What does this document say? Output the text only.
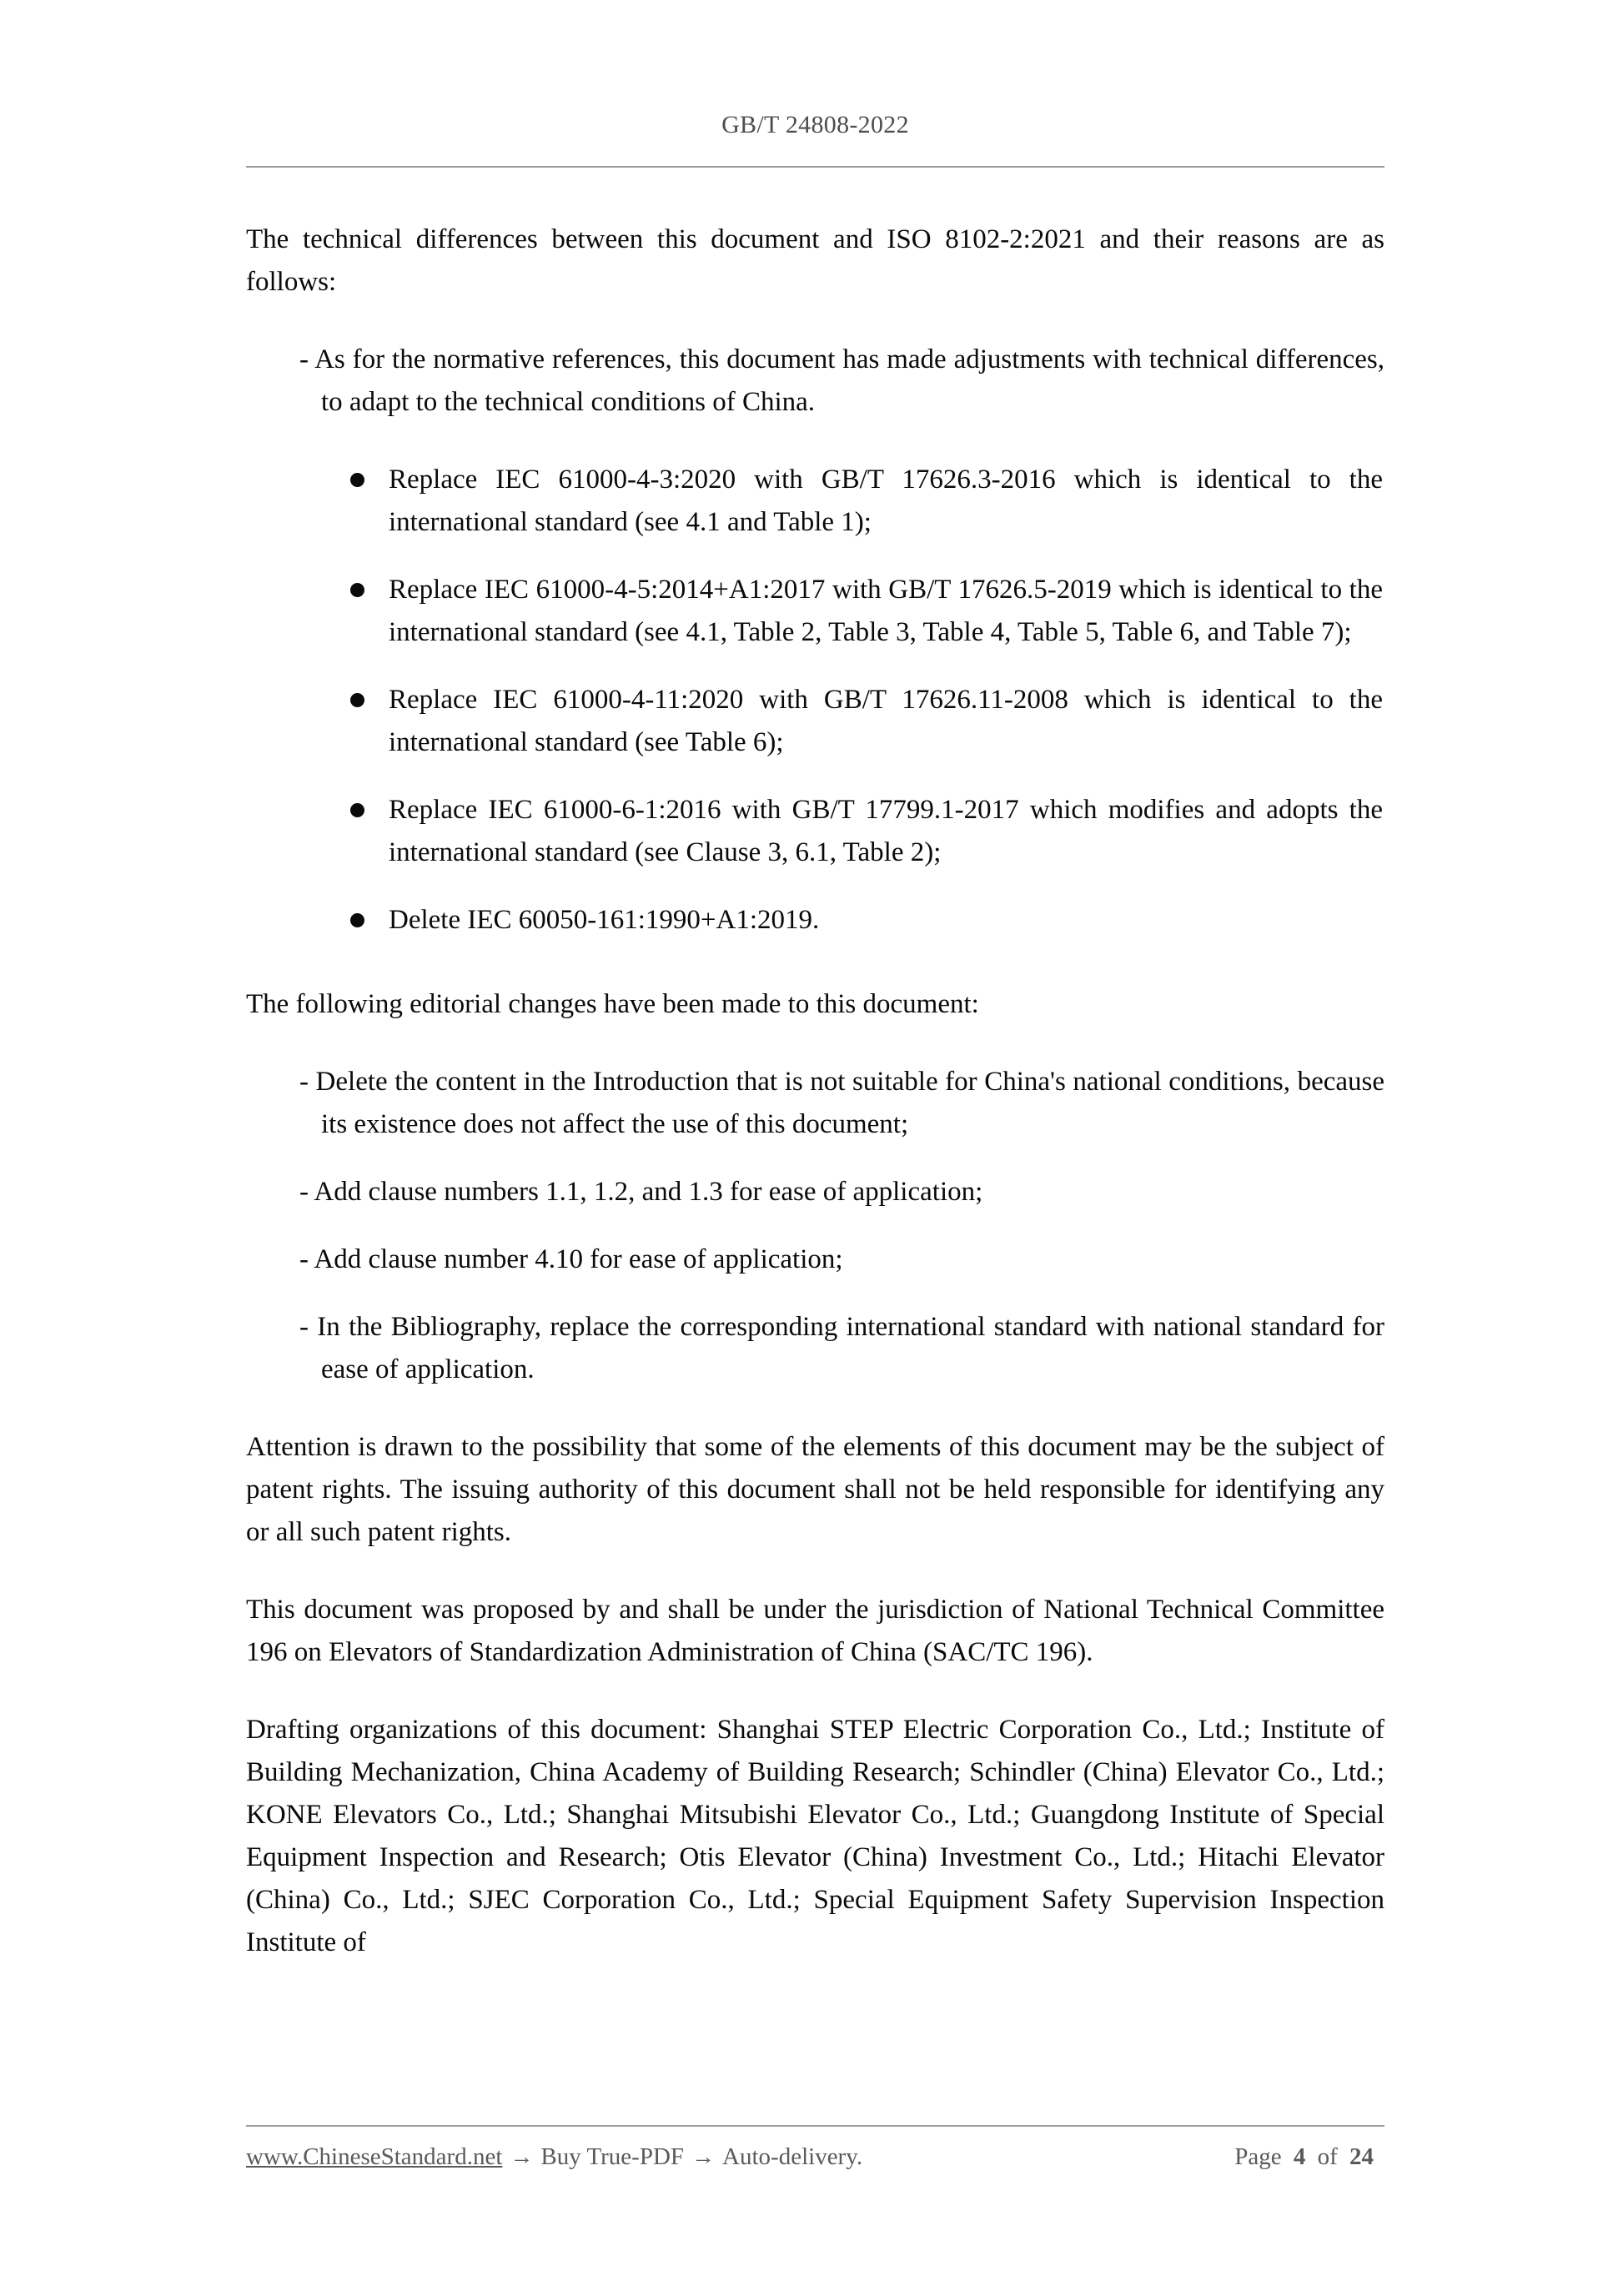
GB/T 24808-2022

The technical differences between this document and ISO 8102-2:2021 and their reasons are as follows:

- As for the normative references, this document has made adjustments with technical differences, to adapt to the technical conditions of China.

Replace IEC 61000-4-3:2020 with GB/T 17626.3-2016 which is identical to the international standard (see 4.1 and Table 1);
Replace IEC 61000-4-5:2014+A1:2017 with GB/T 17626.5-2019 which is identical to the international standard (see 4.1, Table 2, Table 3, Table 4, Table 5, Table 6, and Table 7);
Replace IEC 61000-4-11:2020 with GB/T 17626.11-2008 which is identical to the international standard (see Table 6);
Replace IEC 61000-6-1:2016 with GB/T 17799.1-2017 which modifies and adopts the international standard (see Clause 3, 6.1, Table 2);
Delete IEC 60050-161:1990+A1:2019.

The following editorial changes have been made to this document:

- Delete the content in the Introduction that is not suitable for China's national conditions, because its existence does not affect the use of this document;

- Add clause numbers 1.1, 1.2, and 1.3 for ease of application;

- Add clause number 4.10 for ease of application;

- In the Bibliography, replace the corresponding international standard with national standard for ease of application.

Attention is drawn to the possibility that some of the elements of this document may be the subject of patent rights. The issuing authority of this document shall not be held responsible for identifying any or all such patent rights.

This document was proposed by and shall be under the jurisdiction of National Technical Committee 196 on Elevators of Standardization Administration of China (SAC/TC 196).

Drafting organizations of this document: Shanghai STEP Electric Corporation Co., Ltd.; Institute of Building Mechanization, China Academy of Building Research; Schindler (China) Elevator Co., Ltd.; KONE Elevators Co., Ltd.; Shanghai Mitsubishi Elevator Co., Ltd.; Guangdong Institute of Special Equipment Inspection and Research; Otis Elevator (China) Investment Co., Ltd.; Hitachi Elevator (China) Co., Ltd.; SJEC Corporation Co., Ltd.; Special Equipment Safety Supervision Inspection Institute of

www.ChineseStandard.net → Buy True-PDF → Auto-delivery.	Page 4 of 24
